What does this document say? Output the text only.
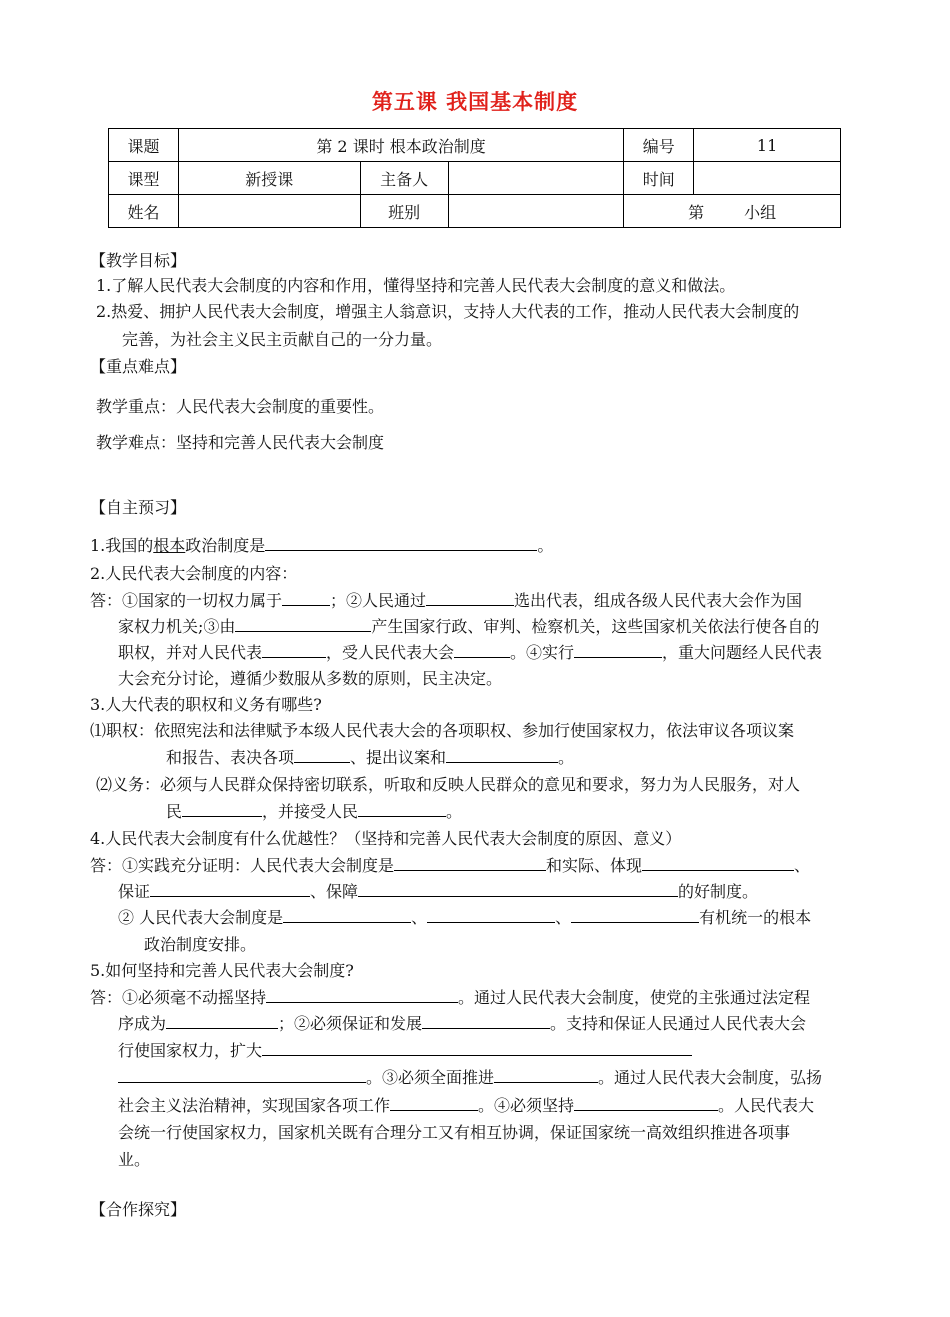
第五课 我国基本制度
课题	第 2 课时 根本政治制度			编号	11
课型	新授课	主备人		时间	
姓名		班别		第 小组	
【教学目标】
1.了解人民代表大会制度的内容和作用，懂得坚持和完善人民代表大会制度的意义和做法。
2.热爱、拥护人民代表大会制度，增强主人翁意识，支持人大代表的工作，推动人民代表大会制度的
完善，为社会主义民主贡献自己的一分力量。
【重点难点】
教学重点：人民代表大会制度的重要性。
教学难点：坚持和完善人民代表大会制度
【自主预习】
1.我国的根本政治制度是	。
2.人民代表大会制度的内容：
答：①国家的一切权力属于	；②人民通过	选出代表，组成各级人民代表大会作为国
家权力机关;③由	产生国家行政、审判、检察机关，这些国家机关依法行使各自的
职权，并对人民代表	，受人民代表大会	。④实行	，重大问题经人民代表
大会充分讨论，遵循少数服从多数的原则，民主决定。
3.人大代表的职权和义务有哪些?
⑴职权：依照宪法和法律赋予本级人民代表大会的各项职权、参加行使国家权力，依法审议各项议案
和报告、表决各项	、提出议案和	。
⑵义务：必须与人民群众保持密切联系，听取和反映人民群众的意见和要求，努力为人民服务，对人
民	，并接受人民	。
4.人民代表大会制度有什么优越性？（坚持和完善人民代表大会制度的原因、意义）
答：①实践充分证明：人民代表大会制度是	和实际、体现	、
保证	、保障	的好制度。
② 人民代表大会制度是	、	、	有机统一的根本
政治制度安排。
5.如何坚持和完善人民代表大会制度?
答：①必须毫不动摇坚持	。通过人民代表大会制度，使党的主张通过法定程
序成为	；②必须保证和发展	。支持和保证人民通过人民代表大会
行使国家权力，扩大
。③必须全面推进	。通过人民代表大会制度，弘扬
社会主义法治精神，实现国家各项工作	。④必须坚持	。人民代表大
会统一行使国家权力，国家机关既有合理分工又有相互协调，保证国家统一高效组织推进各项事
业。
【合作探究】
